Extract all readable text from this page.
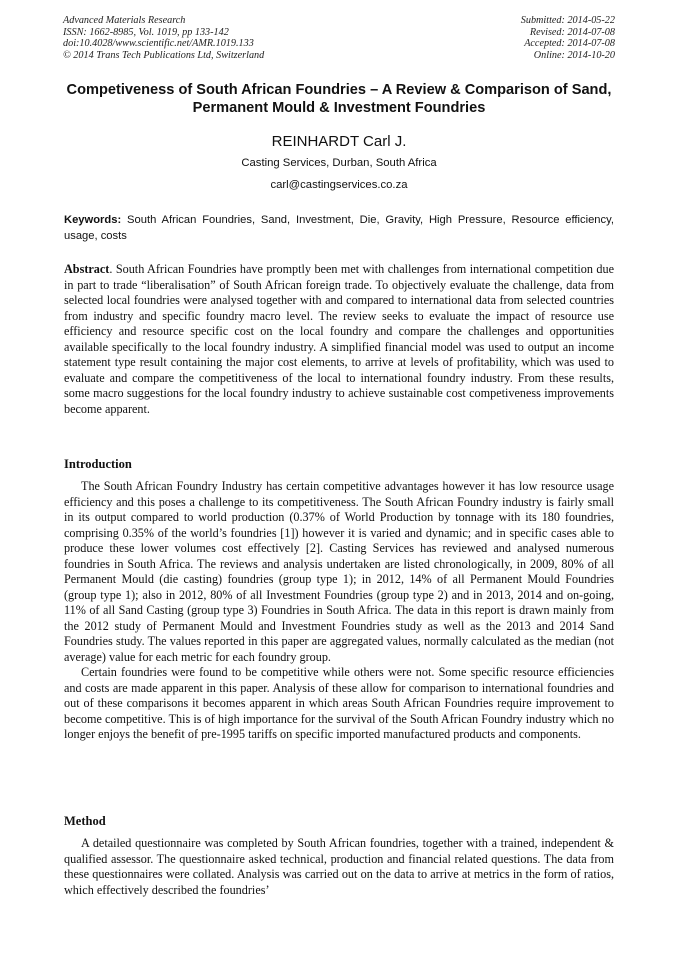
Advanced Materials Research
ISSN: 1662-8985, Vol. 1019, pp 133-142
doi:10.4028/www.scientific.net/AMR.1019.133
© 2014 Trans Tech Publications Ltd, Switzerland
Submitted: 2014-05-22
Revised: 2014-07-08
Accepted: 2014-07-08
Online: 2014-10-20
Competiveness of South African Foundries – A Review & Comparison of Sand, Permanent Mould & Investment Foundries
REINHARDT Carl J.
Casting Services, Durban, South Africa
carl@castingservices.co.za
Keywords: South African Foundries, Sand, Investment, Die, Gravity, High Pressure, Resource efficiency, usage, costs
Abstract. South African Foundries have promptly been met with challenges from international competition due in part to trade “liberalisation” of South African foreign trade. To objectively evaluate the challenge, data from selected local foundries were analysed together with and compared to international data from selected countries from industry and specific foundry macro level. The review seeks to evaluate the impact of resource use efficiency and resource specific cost on the local foundry and compare the challenges and opportunities available specifically to the local foundry industry. A simplified financial model was used to output an income statement type result containing the major cost elements, to arrive at levels of profitability, which was used to evaluate and compare the competitiveness of the local to international foundry industry. From these results, some macro suggestions for the local foundry industry to achieve sustainable cost competiveness improvements become apparent.
Introduction

The South African Foundry Industry has certain competitive advantages however it has low resource usage efficiency and this poses a challenge to its competitiveness. The South African Foundry industry is fairly small in its output compared to world production (0.37% of World Production by tonnage with its 180 foundries, comprising 0.35% of the world’s foundries [1]) however it is varied and dynamic; and in specific cases able to produce these lower volumes cost effectively [2]. Casting Services has reviewed and analysed numerous foundries in South Africa. The reviews and analysis undertaken are listed chronologically, in 2009, 80% of all Permanent Mould (die casting) foundries (group type 1); in 2012, 14% of all Permanent Mould Foundries (group type 1); also in 2012, 80% of all Investment Foundries (group type 2) and in 2013, 2014 and on-going, 11% of all Sand Casting (group type 3) Foundries in South Africa. The data in this report is drawn mainly from the 2012 study of Permanent Mould and Investment Foundries study as well as the 2013 and 2014 Sand Foundries study. The values reported in this paper are aggregated values, normally calculated as the median (not average) value for each metric for each foundry group.

Certain foundries were found to be competitive while others were not. Some specific resource efficiencies and costs are made apparent in this paper. Analysis of these allow for comparison to international foundries and out of these comparisons it becomes apparent in which areas South African Foundries require improvement to become competitive. This is of high importance for the survival of the South African Foundry industry which no longer enjoys the benefit of pre-1995 tariffs on specific imported manufactured products and components.

Method

A detailed questionnaire was completed by South African foundries, together with a trained, independent & qualified assessor. The questionnaire asked technical, production and financial related questions. The data from these questionnaires were collated. Analysis was carried out on the data to arrive at metrics in the form of ratios, which effectively described the foundries’
